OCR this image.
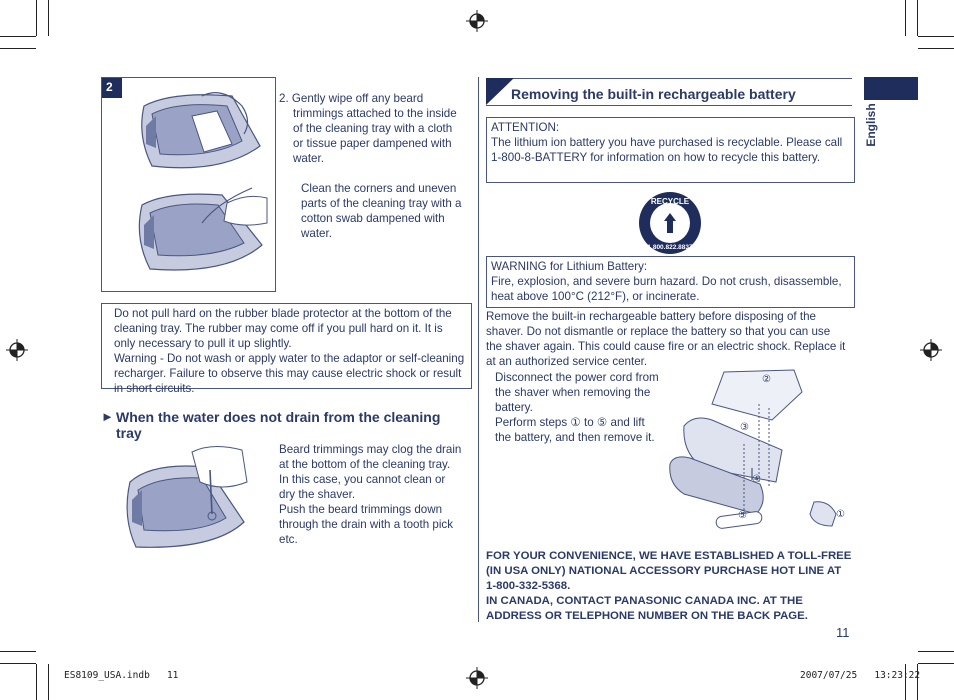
2

2. Gently wipe off any beard trimmings attached to the inside of the cleaning tray with a cloth or tissue paper dampened with water.

Clean the corners and uneven parts of the cleaning tray with a cotton swab dampened with water.

Do not pull hard on the rubber blade protector at the bottom of the cleaning tray. The rubber may come off if you pull hard on it. It is only necessary to pull it up slightly.
Warning - Do not wash or apply water to the adaptor or self-cleaning recharger. Failure to observe this may cause electric shock or result in short circuits.
► When the water does not drain from the cleaning tray
Beard trimmings may clog the drain at the bottom of the cleaning tray.
In this case, you cannot clean or dry the shaver.
Push the beard trimmings down through the drain with a tooth pick etc.
Removing the built-in rechargeable battery
English
ATTENTION:
The lithium ion battery you have purchased is recyclable. Please call 1-800-8-BATTERY for information on how to recycle this battery.
RECYCLE
1.800.822.8837
WARNING for Lithium Battery:
Fire, explosion, and severe burn hazard. Do not crush, disassemble, heat above 100°C (212°F), or incinerate.
Remove the built-in rechargeable battery before disposing of the shaver. Do not dismantle or replace the battery so that you can use the shaver again. This could cause fire or an electric shock. Replace it at an authorized service center.
Disconnect the power cord from the shaver when removing the battery.
Perform steps ① to ⑤ and lift the battery, and then remove it.
①
②
③
④
⑤
FOR YOUR CONVENIENCE, WE HAVE ESTABLISHED A TOLL-FREE (IN USA ONLY) NATIONAL ACCESSORY PURCHASE HOT LINE AT 1-800-332-5368.
IN CANADA, CONTACT PANASONIC CANADA INC. AT THE ADDRESS OR TELEPHONE NUMBER ON THE BACK PAGE.
11
ES8109_USA.indb   11	2007/07/25   13:23:22
